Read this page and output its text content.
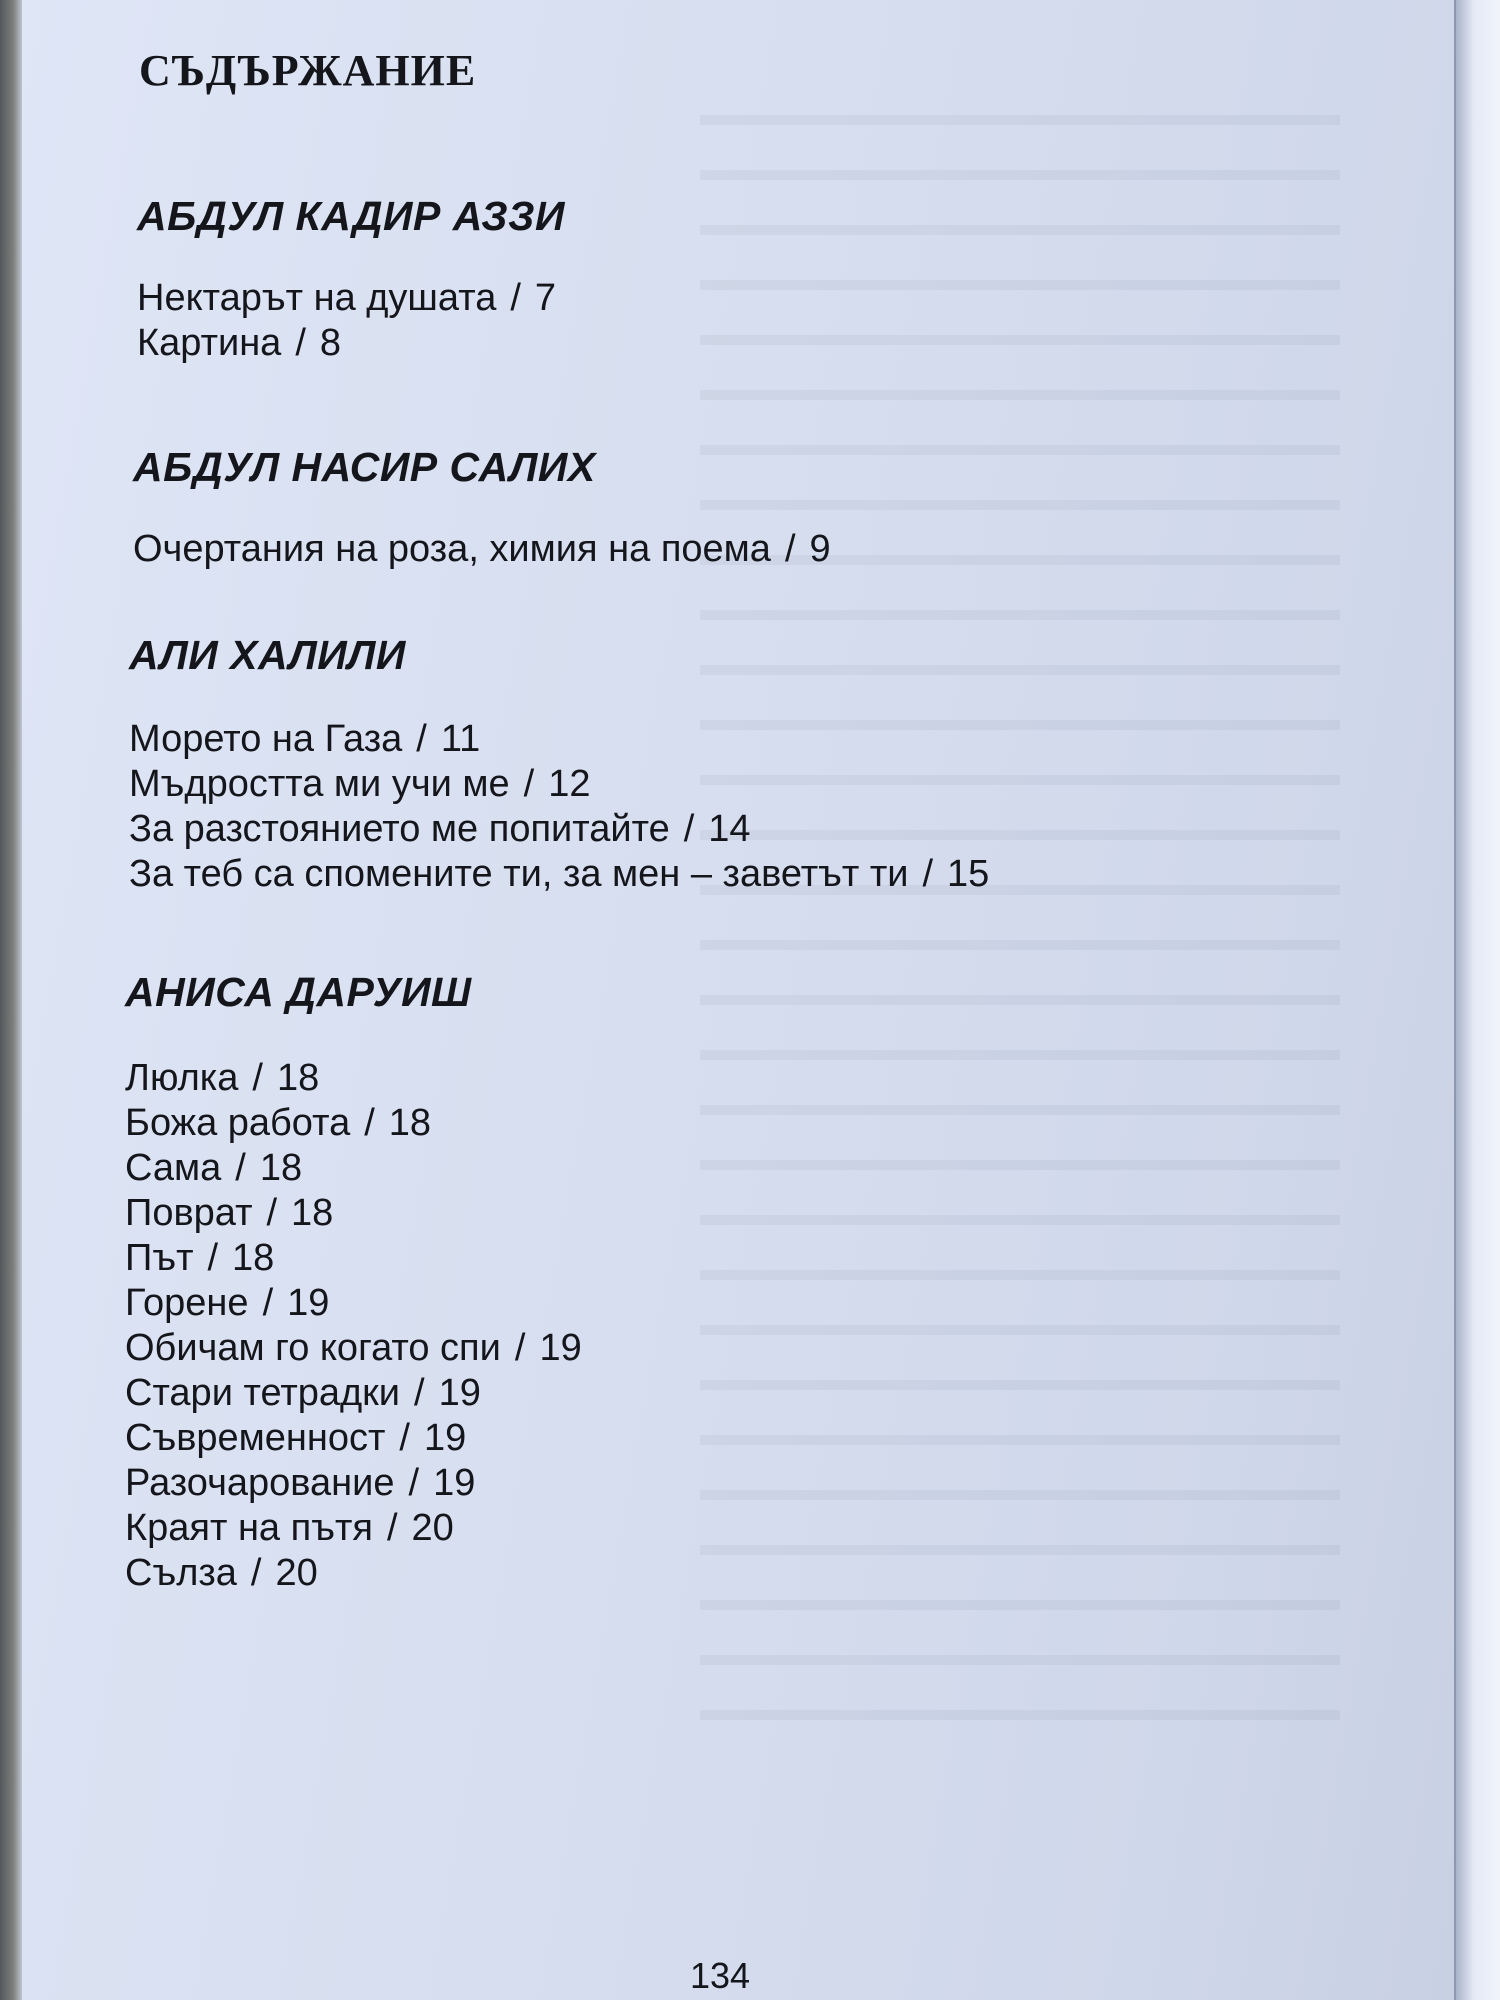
СЪДЪРЖАНИЕ
АБДУЛ КАДИР АЗЗИ
Нектарът на душата / 7
Картина / 8
АБДУЛ НАСИР САЛИХ
Очертания на роза, химия на поема / 9
АЛИ ХАЛИЛИ
Морето на Газа / 11
Мъдростта ми учи ме / 12
За разстоянието ме попитайте / 14
За теб са спомените ти, за мен – заветът ти / 15
АНИСА ДАРУИШ
Люлка / 18
Божа работа / 18
Сама / 18
Поврат / 18
Път / 18
Горене / 19
Обичам го когато спи / 19
Стари тетрадки / 19
Съвременност / 19
Разочарование / 19
Краят на пътя / 20
Сълза / 20
134
